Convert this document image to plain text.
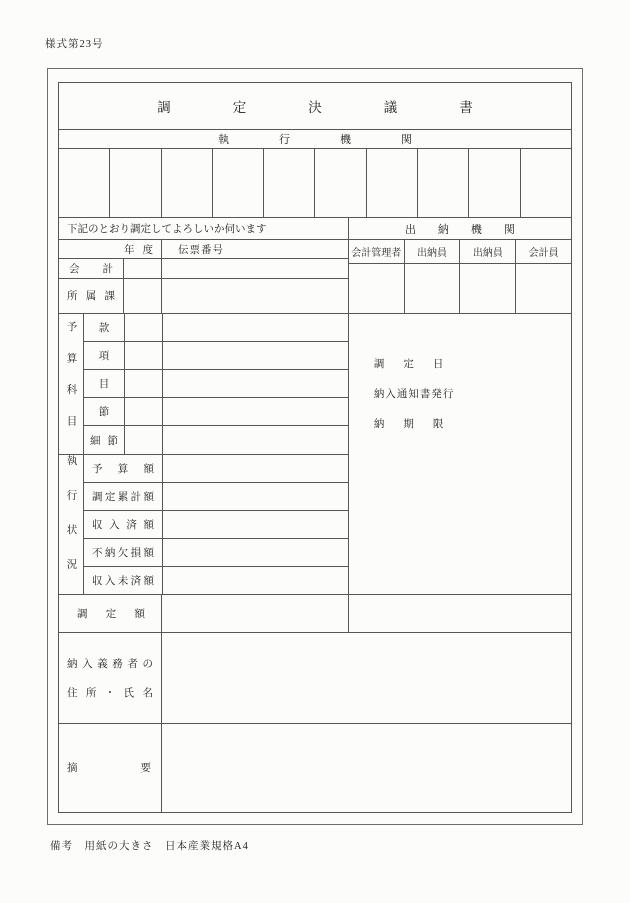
様式第23号
調定決議書
執行機関
下記のとおり調定してよろしいか伺います
年度	伝票番号
会計
所属課
予算科目	款
項
目
節
細節
執行状況	予算額
調定累計額
収入済額
不納欠損額
収入未済額
調定額
出納機関
会計管理者	出納員	出納員	会計員
調定日
納入通知書発行
納期限
納入義務者の
住所・氏名
摘要
備考　用紙の大きさ　日本産業規格A4
